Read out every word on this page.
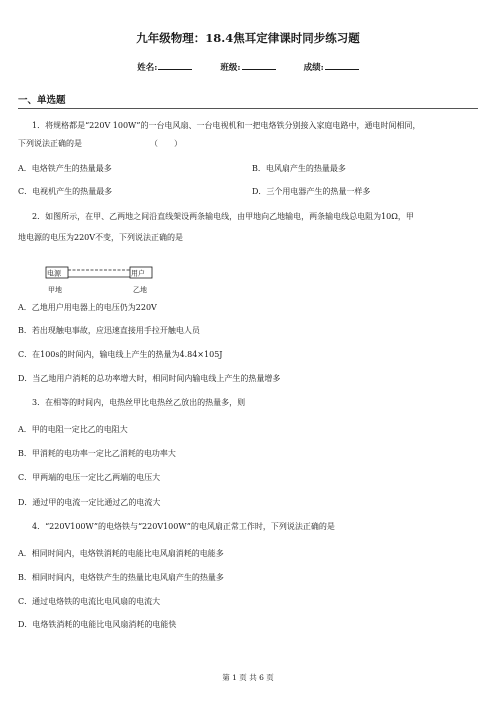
九年级物理：18.4焦耳定律课时同步练习题
姓名:	班级:	成绩:
一、单选题
1．将规格都是“220V 100W”的一台电风扇、一台电视机和一把电烙铁分别接入家庭电路中，通电时间相同，
下列说法正确的是　　　　　　　　　（　　）
A．电烙铁产生的热量最多	B．电风扇产生的热量最多
C．电视机产生的热量最多	D．三个用电器产生的热量一样多
2．如图所示，在甲、乙两地之间沿直线架设两条输电线，由甲地向乙地输电，两条输电线总电阻为10Ω，甲
地电源的电压为220V不变，下列说法正确的是
电源	用户
甲地	乙地
A．乙地用户用电器上的电压仍为220V
B．若出现触电事故，应迅速直接用手拉开触电人员
C．在100s的时间内，输电线上产生的热量为4.84×105J
D．当乙地用户消耗的总功率增大时，相同时间内输电线上产生的热量增多
3．在相等的时间内，电热丝甲比电热丝乙放出的热量多，则
A．甲的电阻一定比乙的电阻大
B．甲消耗的电功率一定比乙消耗的电功率大
C．甲两端的电压一定比乙两端的电压大
D．通过甲的电流一定比通过乙的电流大
4．“220V100W”的电烙铁与“220V100W”的电风扇正常工作时，下列说法正确的是
A．相同时间内，电烙铁消耗的电能比电风扇消耗的电能多
B．相同时间内，电烙铁产生的热量比电风扇产生的热量多
C．通过电烙铁的电流比电风扇的电流大
D．电烙铁消耗的电能比电风扇消耗的电能快
第 1 页 共 6 页
